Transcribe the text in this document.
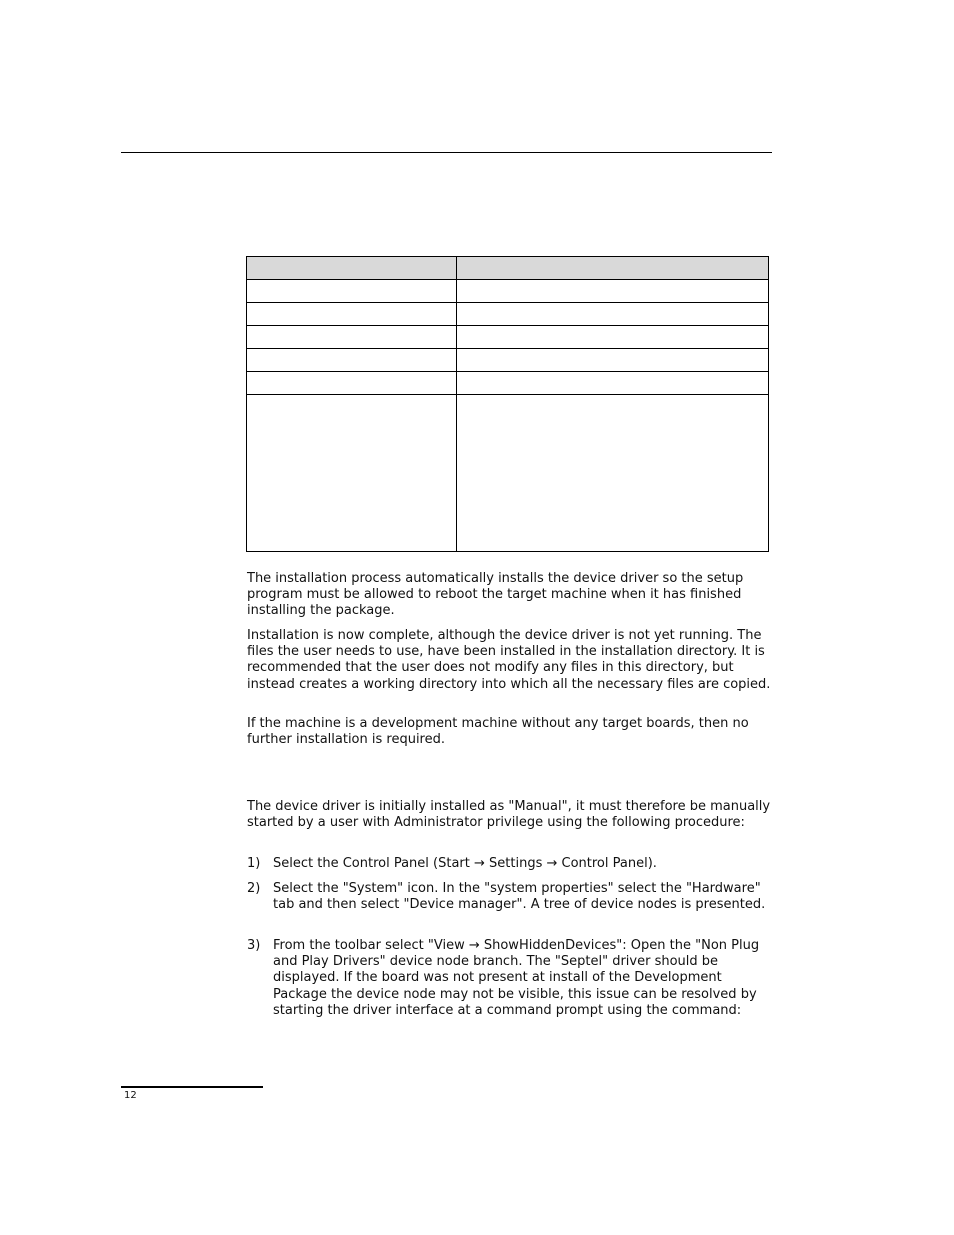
The installation process automatically installs the device driver so the setup program must be allowed to reboot the target machine when it has finished installing the package.

Installation is now complete, although the device driver is not yet running. The files the user needs to use, have been installed in the installation directory. It is recommended that the user does not modify any files in this directory, but instead creates a working directory into which all the necessary files are copied.

If the machine is a development machine without any target boards, then no further installation is required.

The device driver is initially installed as "Manual", it must therefore be manually started by a user with Administrator privilege using the following procedure:

1) Select the Control Panel (Start → Settings → Control Panel).
2) Select the "System" icon. In the "system properties" select the "Hardware" tab and then select "Device manager". A tree of device nodes is presented.
3) From the toolbar select "View → ShowHiddenDevices": Open the "Non Plug and Play Drivers" device node branch. The "Septel" driver should be displayed. If the board was not present at install of the Development Package the device node may not be visible, this issue can be resolved by starting the driver interface at a command prompt using the command:
12
